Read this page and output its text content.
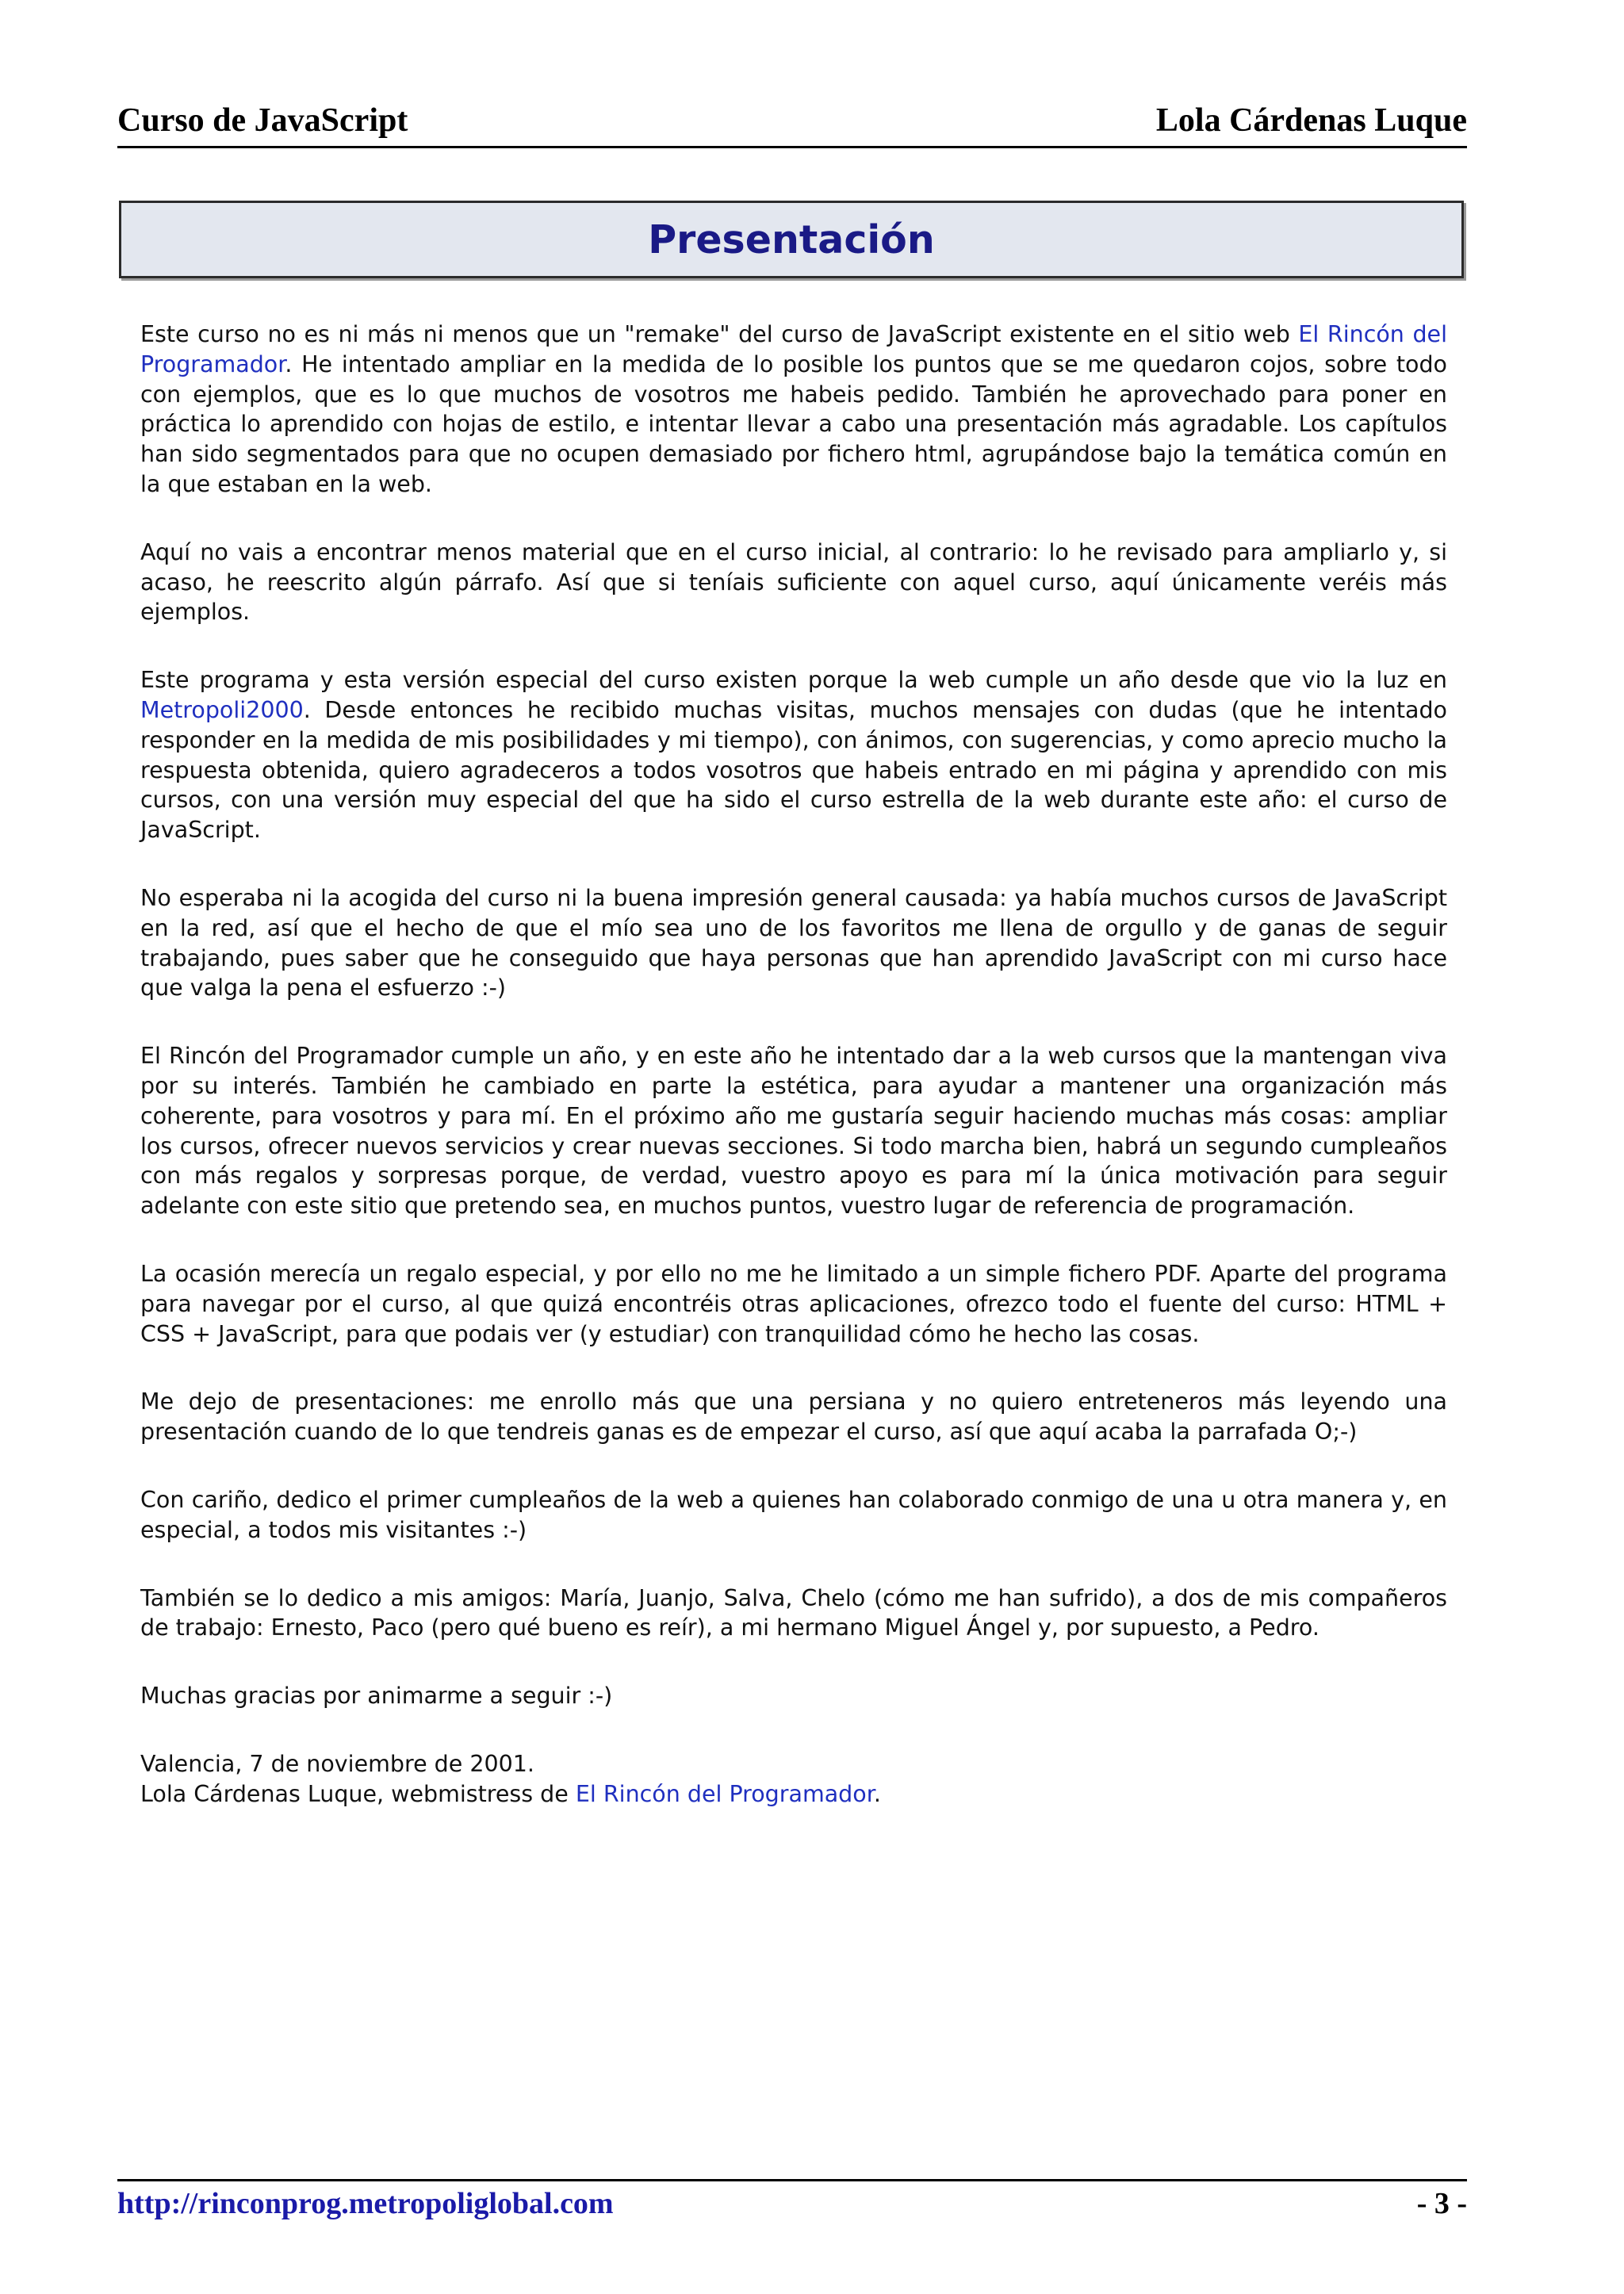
Curso de JavaScript	Lola Cárdenas Luque
Presentación

Este curso no es ni más ni menos que un "remake" del curso de JavaScript existente en el sitio web El Rincón del Programador. He intentado ampliar en la medida de lo posible los puntos que se me quedaron cojos, sobre todo con ejemplos, que es lo que muchos de vosotros me habeis pedido. También he aprovechado para poner en práctica lo aprendido con hojas de estilo, e intentar llevar a cabo una presentación más agradable. Los capítulos han sido segmentados para que no ocupen demasiado por fichero html, agrupándose bajo la temática común en la que estaban en la web.

Aquí no vais a encontrar menos material que en el curso inicial, al contrario: lo he revisado para ampliarlo y, si acaso, he reescrito algún párrafo. Así que si teníais suficiente con aquel curso, aquí únicamente veréis más ejemplos.

Este programa y esta versión especial del curso existen porque la web cumple un año desde que vio la luz en Metropoli2000. Desde entonces he recibido muchas visitas, muchos mensajes con dudas (que he intentado responder en la medida de mis posibilidades y mi tiempo), con ánimos, con sugerencias, y como aprecio mucho la respuesta obtenida, quiero agradeceros a todos vosotros que habeis entrado en mi página y aprendido con mis cursos, con una versión muy especial del que ha sido el curso estrella de la web durante este año: el curso de JavaScript.

No esperaba ni la acogida del curso ni la buena impresión general causada: ya había muchos cursos de JavaScript en la red, así que el hecho de que el mío sea uno de los favoritos me llena de orgullo y de ganas de seguir trabajando, pues saber que he conseguido que haya personas que han aprendido JavaScript con mi curso hace que valga la pena el esfuerzo :-)

El Rincón del Programador cumple un año, y en este año he intentado dar a la web cursos que la mantengan viva por su interés. También he cambiado en parte la estética, para ayudar a mantener una organización más coherente, para vosotros y para mí. En el próximo año me gustaría seguir haciendo muchas más cosas: ampliar los cursos, ofrecer nuevos servicios y crear nuevas secciones. Si todo marcha bien, habrá un segundo cumpleaños con más regalos y sorpresas porque, de verdad, vuestro apoyo es para mí la única motivación para seguir adelante con este sitio que pretendo sea, en muchos puntos, vuestro lugar de referencia de programación.

La ocasión merecía un regalo especial, y por ello no me he limitado a un simple fichero PDF. Aparte del programa para navegar por el curso, al que quizá encontréis otras aplicaciones, ofrezco todo el fuente del curso: HTML + CSS + JavaScript, para que podais ver (y estudiar) con tranquilidad cómo he hecho las cosas.

Me dejo de presentaciones: me enrollo más que una persiana y no quiero entreteneros más leyendo una presentación cuando de lo que tendreis ganas es de empezar el curso, así que aquí acaba la parrafada O;-)

Con cariño, dedico el primer cumpleaños de la web a quienes han colaborado conmigo de una u otra manera y, en especial, a todos mis visitantes :-)

También se lo dedico a mis amigos: María, Juanjo, Salva, Chelo (cómo me han sufrido), a dos de mis compañeros de trabajo: Ernesto, Paco (pero qué bueno es reír), a mi hermano Miguel Ángel y, por supuesto, a Pedro.

Muchas gracias por animarme a seguir :-)

Valencia, 7 de noviembre de 2001.
Lola Cárdenas Luque, webmistress de El Rincón del Programador.

http://rinconprog.metropoliglobal.com	- 3 -
